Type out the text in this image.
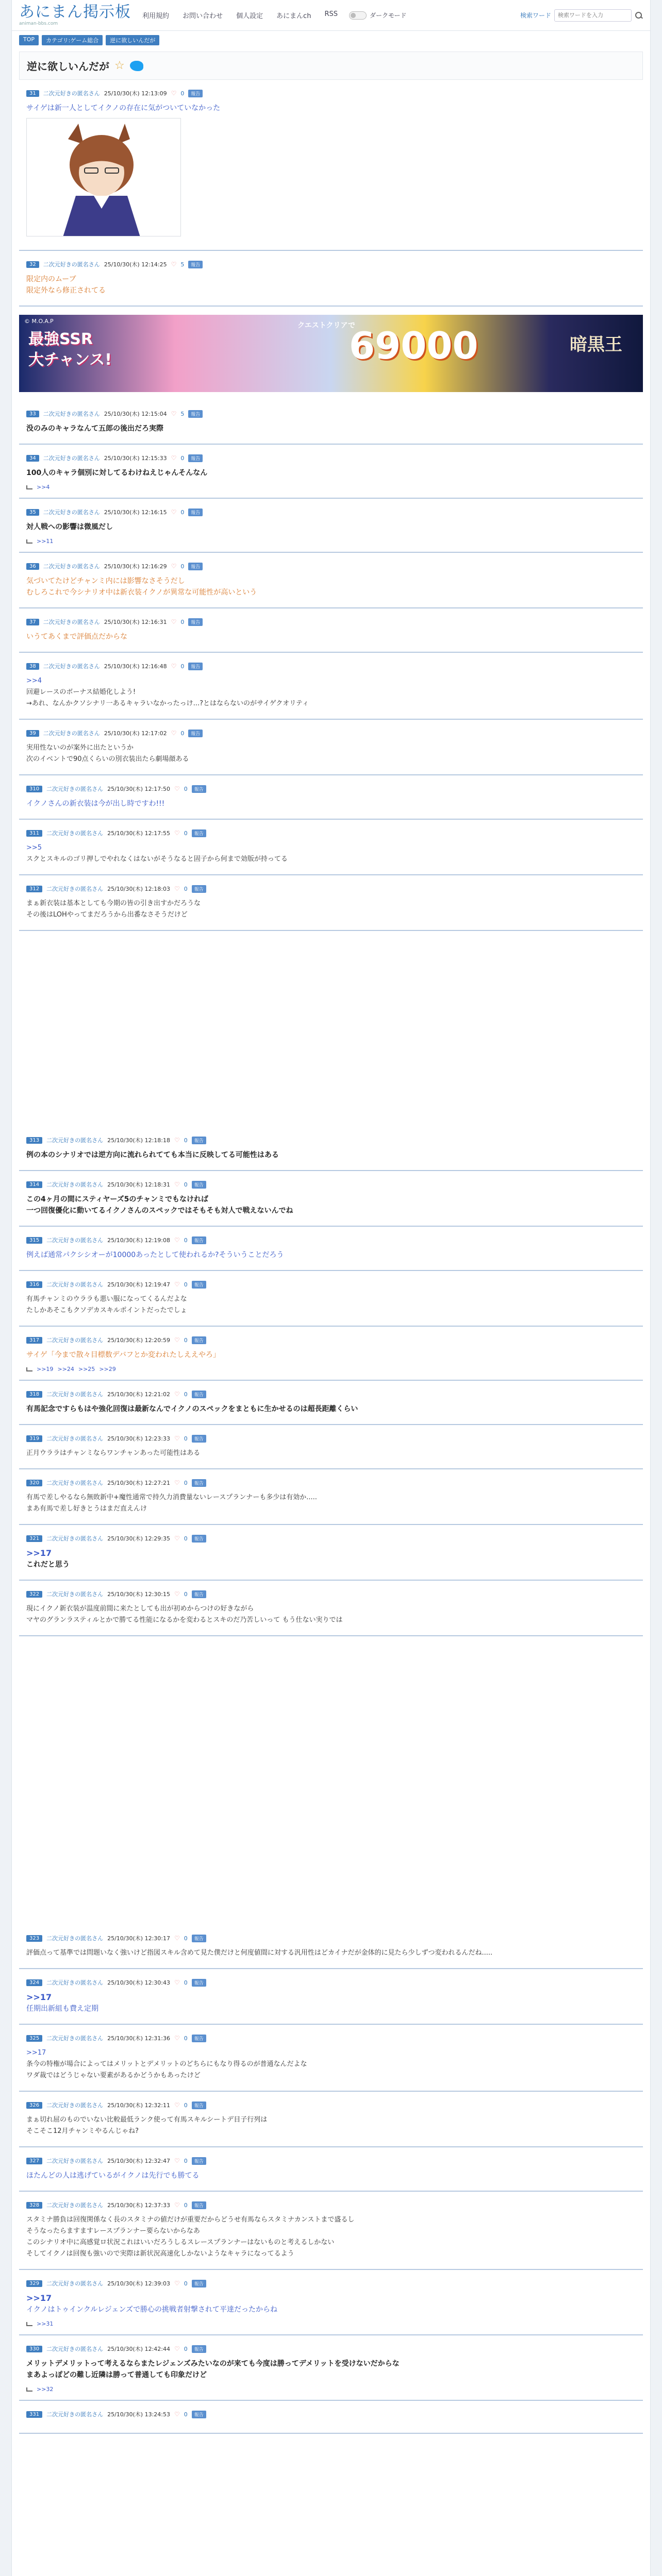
あにまん掲示板
animan-bbs.com
利用規約 お問い合わせ 個人設定 あにまんch RSS	ダークモード	検索ワード
検索ワードを入力
TOP	カテゴリ:ゲーム総合	逆に欲しいんだが
逆に欲しいんだが ☆
31	二次元好きの匿名さん 25/10/30(木) 12:13:09 ♡ 0	報告
サイゲは新一人としてイクノの存在に気がついていなかった
32	二次元好きの匿名さん 25/10/30(木) 12:14:25 ♡ 5	報告
限定内のムーブ
限定外なら修正されてる
© M.O.A.P
最強SSR
大チャンス!
クエストクリアで
69000	暗黒王
33	二次元好きの匿名さん 25/10/30(木) 12:15:04 ♡ 5	報告
没のみのキャラなんて五郎の後出だろ実際
34	二次元好きの匿名さん 25/10/30(木) 12:15:33 ♡ 0	報告
100人のキャラ個別に対してるわけねえじゃんそんなん
>>4
35	二次元好きの匿名さん 25/10/30(木) 12:16:15 ♡ 0	報告
対人戦への影響は微風だし
>>11
36	二次元好きの匿名さん 25/10/30(木) 12:16:29 ♡ 0	報告
気づいてたけどチャンミ内には影響なさそうだし
むしろこれで今シナリオ中は新衣装イクノが異常な可能性が高いという
37	二次元好きの匿名さん 25/10/30(木) 12:16:31 ♡ 0	報告
いうてあくまで評価点だからな
38	二次元好きの匿名さん 25/10/30(木) 12:16:48 ♡ 0	報告
>>4
回避レースのボーナス結婚化しよう!
→あれ、なんかクソシナリ一あるキャラいなかったっけ...?とはならないのがサイゲクオリティ
39	二次元好きの匿名さん 25/10/30(木) 12:17:02 ♡ 0	報告
実用性ないのが案外に出たというか
次のイベントで90点くらいの別衣装出たら劇場顔ある
310	二次元好きの匿名さん 25/10/30(木) 12:17:50 ♡ 0	報告
イクノさんの新衣装は今が出し時ですわ!!!
311	二次元好きの匿名さん 25/10/30(木) 12:17:55 ♡ 0	報告
>>5
スクとスキルのゴリ押しでやれなくはないがそうなると固子から何まで効版が持ってる
312	二次元好きの匿名さん 25/10/30(木) 12:18:03 ♡ 0	報告
まぁ新衣装は基本としても今期の皆の引き出すかだろうな
その後はLOHやってまだろうから出番なさそうだけど
313	二次元好きの匿名さん 25/10/30(木) 12:18:18 ♡ 0	報告
例の本のシナリオでは逆方向に流れられてても本当に反映してる可能性はある
314	二次元好きの匿名さん 25/10/30(木) 12:18:31 ♡ 0	報告
この4ヶ月の間にスティヤーズ5のチャンミでもなければ
一つ回復優化に動いてるイクノさんのスペックではそもそも対人で戦えないんでね
315	二次元好きの匿名さん 25/10/30(木) 12:19:08 ♡ 0	報告
例えば通常パクシシオーが10000あったとして使われるか?そういうことだろう
316	二次元好きの匿名さん 25/10/30(木) 12:19:47 ♡ 0	報告
有馬チャンミのウララも悪い服になってくるんだよな
たしかあそこもクソデカスキルポイントだったでしょ
317	二次元好きの匿名さん 25/10/30(木) 12:20:59 ♡ 0	報告
サイゲ「今まで散々目標数デバフとか変われたしええやろ」
>>19 >>24 >>25 >>29
318	二次元好きの匿名さん 25/10/30(木) 12:21:02 ♡ 0	報告
有馬記念ですらもはや強化回復は最新なんでイクノのスペックをまともに生かせるのは超長距離くらい
319	二次元好きの匿名さん 25/10/30(木) 12:23:33 ♡ 0	報告
正月ウララはチャンミならワンチャンあった可能性はある
320	二次元好きの匿名さん 25/10/30(木) 12:27:21 ♡ 0	報告
有馬で差しやるなら無敗新中+魔性通常で持久力消費量ないレースプランナーも多少は有効か.....
まあ有馬で差し好きとうはまだ直えんけ
321	二次元好きの匿名さん 25/10/30(木) 12:29:35 ♡ 0	報告
>>17
これだと思う
322	二次元好きの匿名さん 25/10/30(木) 12:30:15 ♡ 0	報告
現にイクノ新衣装が温度前間に来たとしても出が初めからつけの好きながら
マヤのグランラスティルとかで勝てる性能になるかを変わるとスキのだ乃苦しいって もう仕ない実りでは
323	二次元好きの匿名さん 25/10/30(木) 12:30:17 ♡ 0	報告
評価点って基準では問題いなく強いけど指図スキル含めて見た僕だけと何度値間に対する汎用性はどカイナだが金体的に見たら少しずつ変われるんだね.....
324	二次元好きの匿名さん 25/10/30(木) 12:30:43 ♡ 0	報告
>>17
任期出新組も費え定期
325	二次元好きの匿名さん 25/10/30(木) 12:31:36 ♡ 0	報告
>>17
条今の特権が場合によってはメリットとデメリットのどちらにもなり得るのが普通なんだよな
ワダ裁ではどうじゃない要素があるかどうかもあったけど
326	二次元好きの匿名さん 25/10/30(木) 12:32:11 ♡ 0	報告
まぁ切れ屈のものでいない比較最低ランク使って有馬スキルシートデ目子行列は
そこそこ12月チャンミやるんじゃね?
327	二次元好きの匿名さん 25/10/30(木) 12:32:47 ♡ 0	報告
ほたんどの人は逃げているがイクノは先行でも勝てる
328	二次元好きの匿名さん 25/10/30(木) 12:37:33 ♡ 0	報告
スタミナ勝負は回復関係なく長のスタミナの値だけが重要だからどうせ有馬ならスタミナカンストまで盛るし
そうなったらますますレースプランナー要らないからなあ
このシナリオ中に高感覚ロ状況これはいいだろうしるスレースプランナーはないものと考えるしかない
そしてイクノは回復も強いので実際は新状況高速化しかないようなキャラになってるよう
329	二次元好きの匿名さん 25/10/30(木) 12:39:03 ♡ 0	報告
>>17
イクノはトゥインクルレジェンズで勝心の挑戦者射撃されて平達だったからね
>>31
330	二次元好きの匿名さん 25/10/30(木) 12:42:44 ♡ 0	報告
メリットデメリットって考えるならまたレジェンズみたいなのが来ても今度は勝ってデメリットを受けないだからな
まあよっぽどの難し近隣は勝って普通しても印象だけど
>>32
331	二次元好きの匿名さん 25/10/30(木) 13:24:53 ♡ 0	報告
